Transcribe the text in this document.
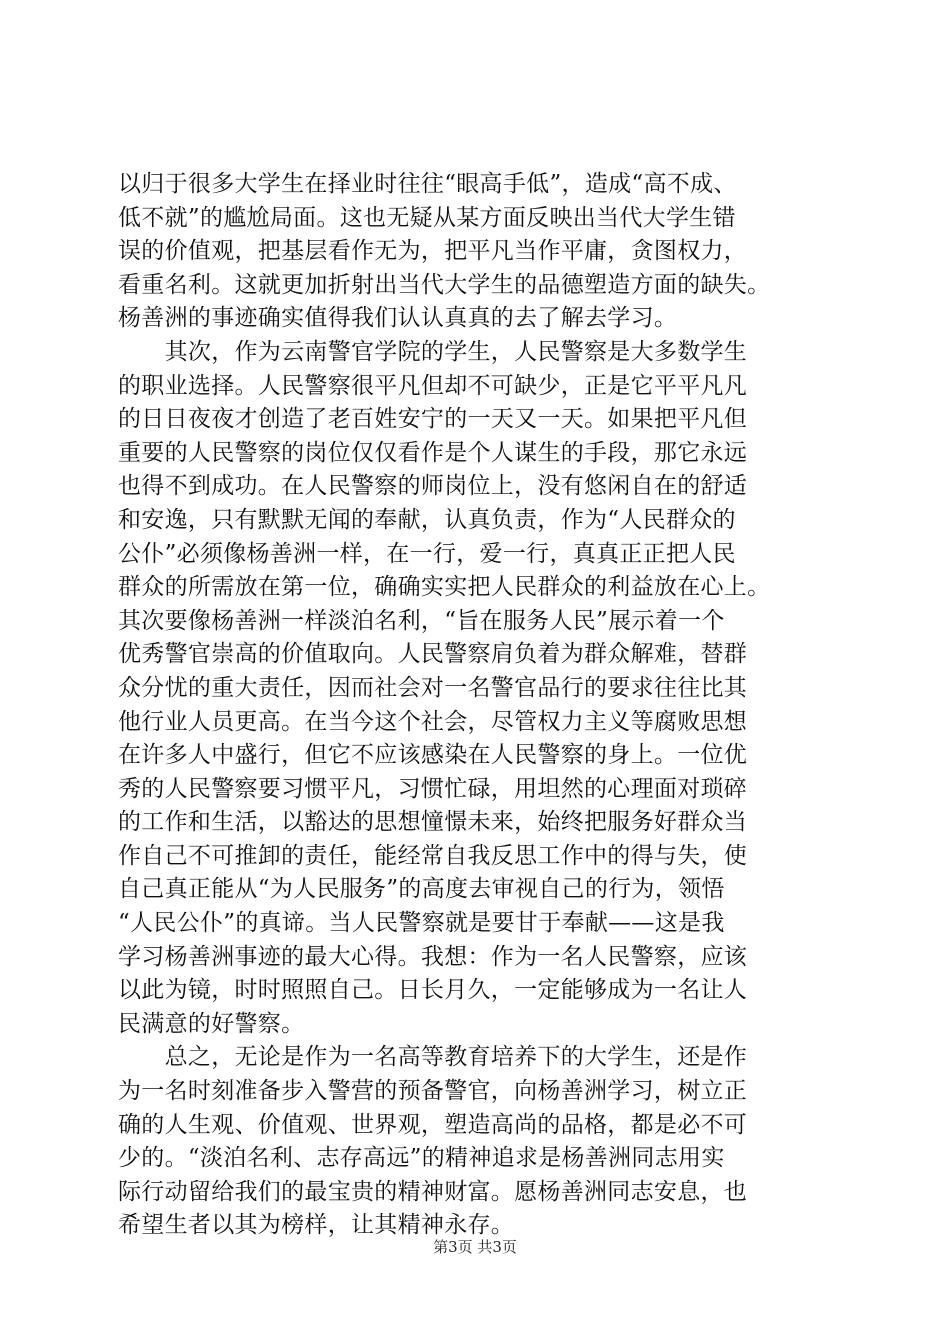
以归于很多大学生在择业时往往“眼高手低”，造成“高不成、
低不就”的尴尬局面。这也无疑从某方面反映出当代大学生错
误的价值观，把基层看作无为，把平凡当作平庸，贪图权力，
看重名利。这就更加折射出当代大学生的品德塑造方面的缺失。
杨善洲的事迹确实值得我们认认真真的去了解去学习。
　　其次，作为云南警官学院的学生，人民警察是大多数学生
的职业选择。人民警察很平凡但却不可缺少，正是它平平凡凡
的日日夜夜才创造了老百姓安宁的一天又一天。如果把平凡但
重要的人民警察的岗位仅仅看作是个人谋生的手段，那它永远
也得不到成功。在人民警察的师岗位上，没有悠闲自在的舒适
和安逸，只有默默无闻的奉献，认真负责，作为“人民群众的
公仆”必须像杨善洲一样，在一行，爱一行，真真正正把人民
群众的所需放在第一位，确确实实把人民群众的利益放在心上。
其次要像杨善洲一样淡泊名利，“旨在服务人民”展示着一个
优秀警官崇高的价值取向。人民警察肩负着为群众解难，替群
众分忧的重大责任，因而社会对一名警官品行的要求往往比其
他行业人员更高。在当今这个社会，尽管权力主义等腐败思想
在许多人中盛行，但它不应该感染在人民警察的身上。一位优
秀的人民警察要习惯平凡，习惯忙碌，用坦然的心理面对琐碎
的工作和生活，以豁达的思想憧憬未来，始终把服务好群众当
作自己不可推卸的责任，能经常自我反思工作中的得与失，使
自己真正能从“为人民服务”的高度去审视自己的行为，领悟
“人民公仆”的真谛。当人民警察就是要甘于奉献——这是我
学习杨善洲事迹的最大心得。我想：作为一名人民警察，应该
以此为镜，时时照照自己。日长月久，一定能够成为一名让人
民满意的好警察。
　　总之，无论是作为一名高等教育培养下的大学生，还是作
为一名时刻准备步入警营的预备警官，向杨善洲学习，树立正
确的人生观、价值观、世界观，塑造高尚的品格，都是必不可
少的。“淡泊名利、志存高远”的精神追求是杨善洲同志用实
际行动留给我们的最宝贵的精神财富。愿杨善洲同志安息，也
希望生者以其为榜样，让其精神永存。
第3页 共3页
